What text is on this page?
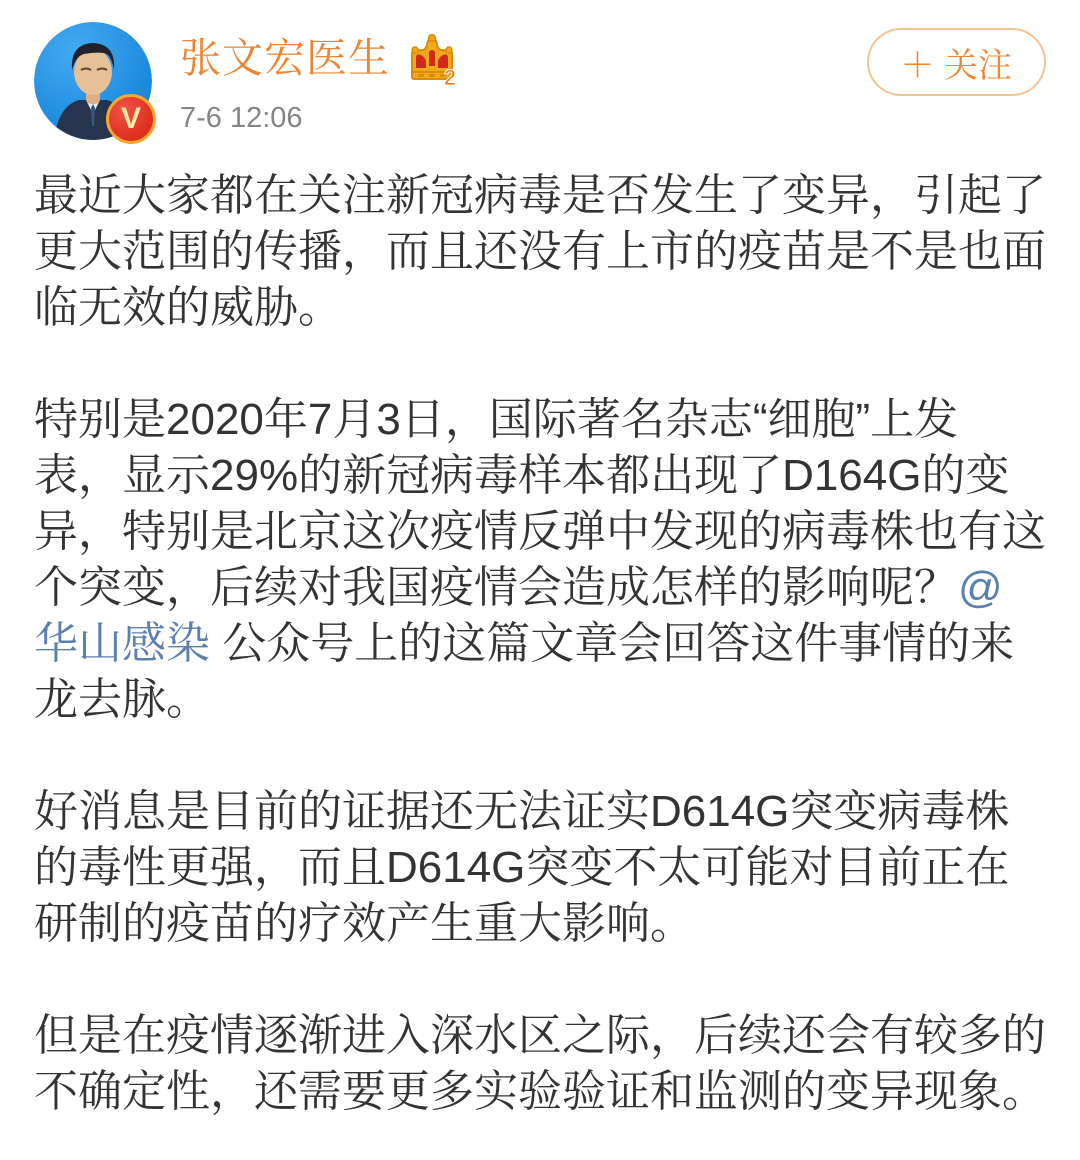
V
张文宏医生 2
7-6 12:06
＋ 关注

最近大家都在关注新冠病毒是否发生了变异，引起了更大范围的传播，而且还没有上市的疫苗是不是也面临无效的威胁。

特别是2020年7月3日，国际著名杂志“细胞”上发表，显示29%的新冠病毒样本都出现了D164G的变异，特别是北京这次疫情反弹中发现的病毒株也有这个突变，后续对我国疫情会造成怎样的影响呢？@华山感染 公众号上的这篇文章会回答这件事情的来龙去脉。

好消息是目前的证据还无法证实D614G突变病毒株的毒性更强，而且D614G突变不太可能对目前正在研制的疫苗的疗效产生重大影响。

但是在疫情逐渐进入深水区之际，后续还会有较多的不确定性，还需要更多实验验证和监测的变异现象。
